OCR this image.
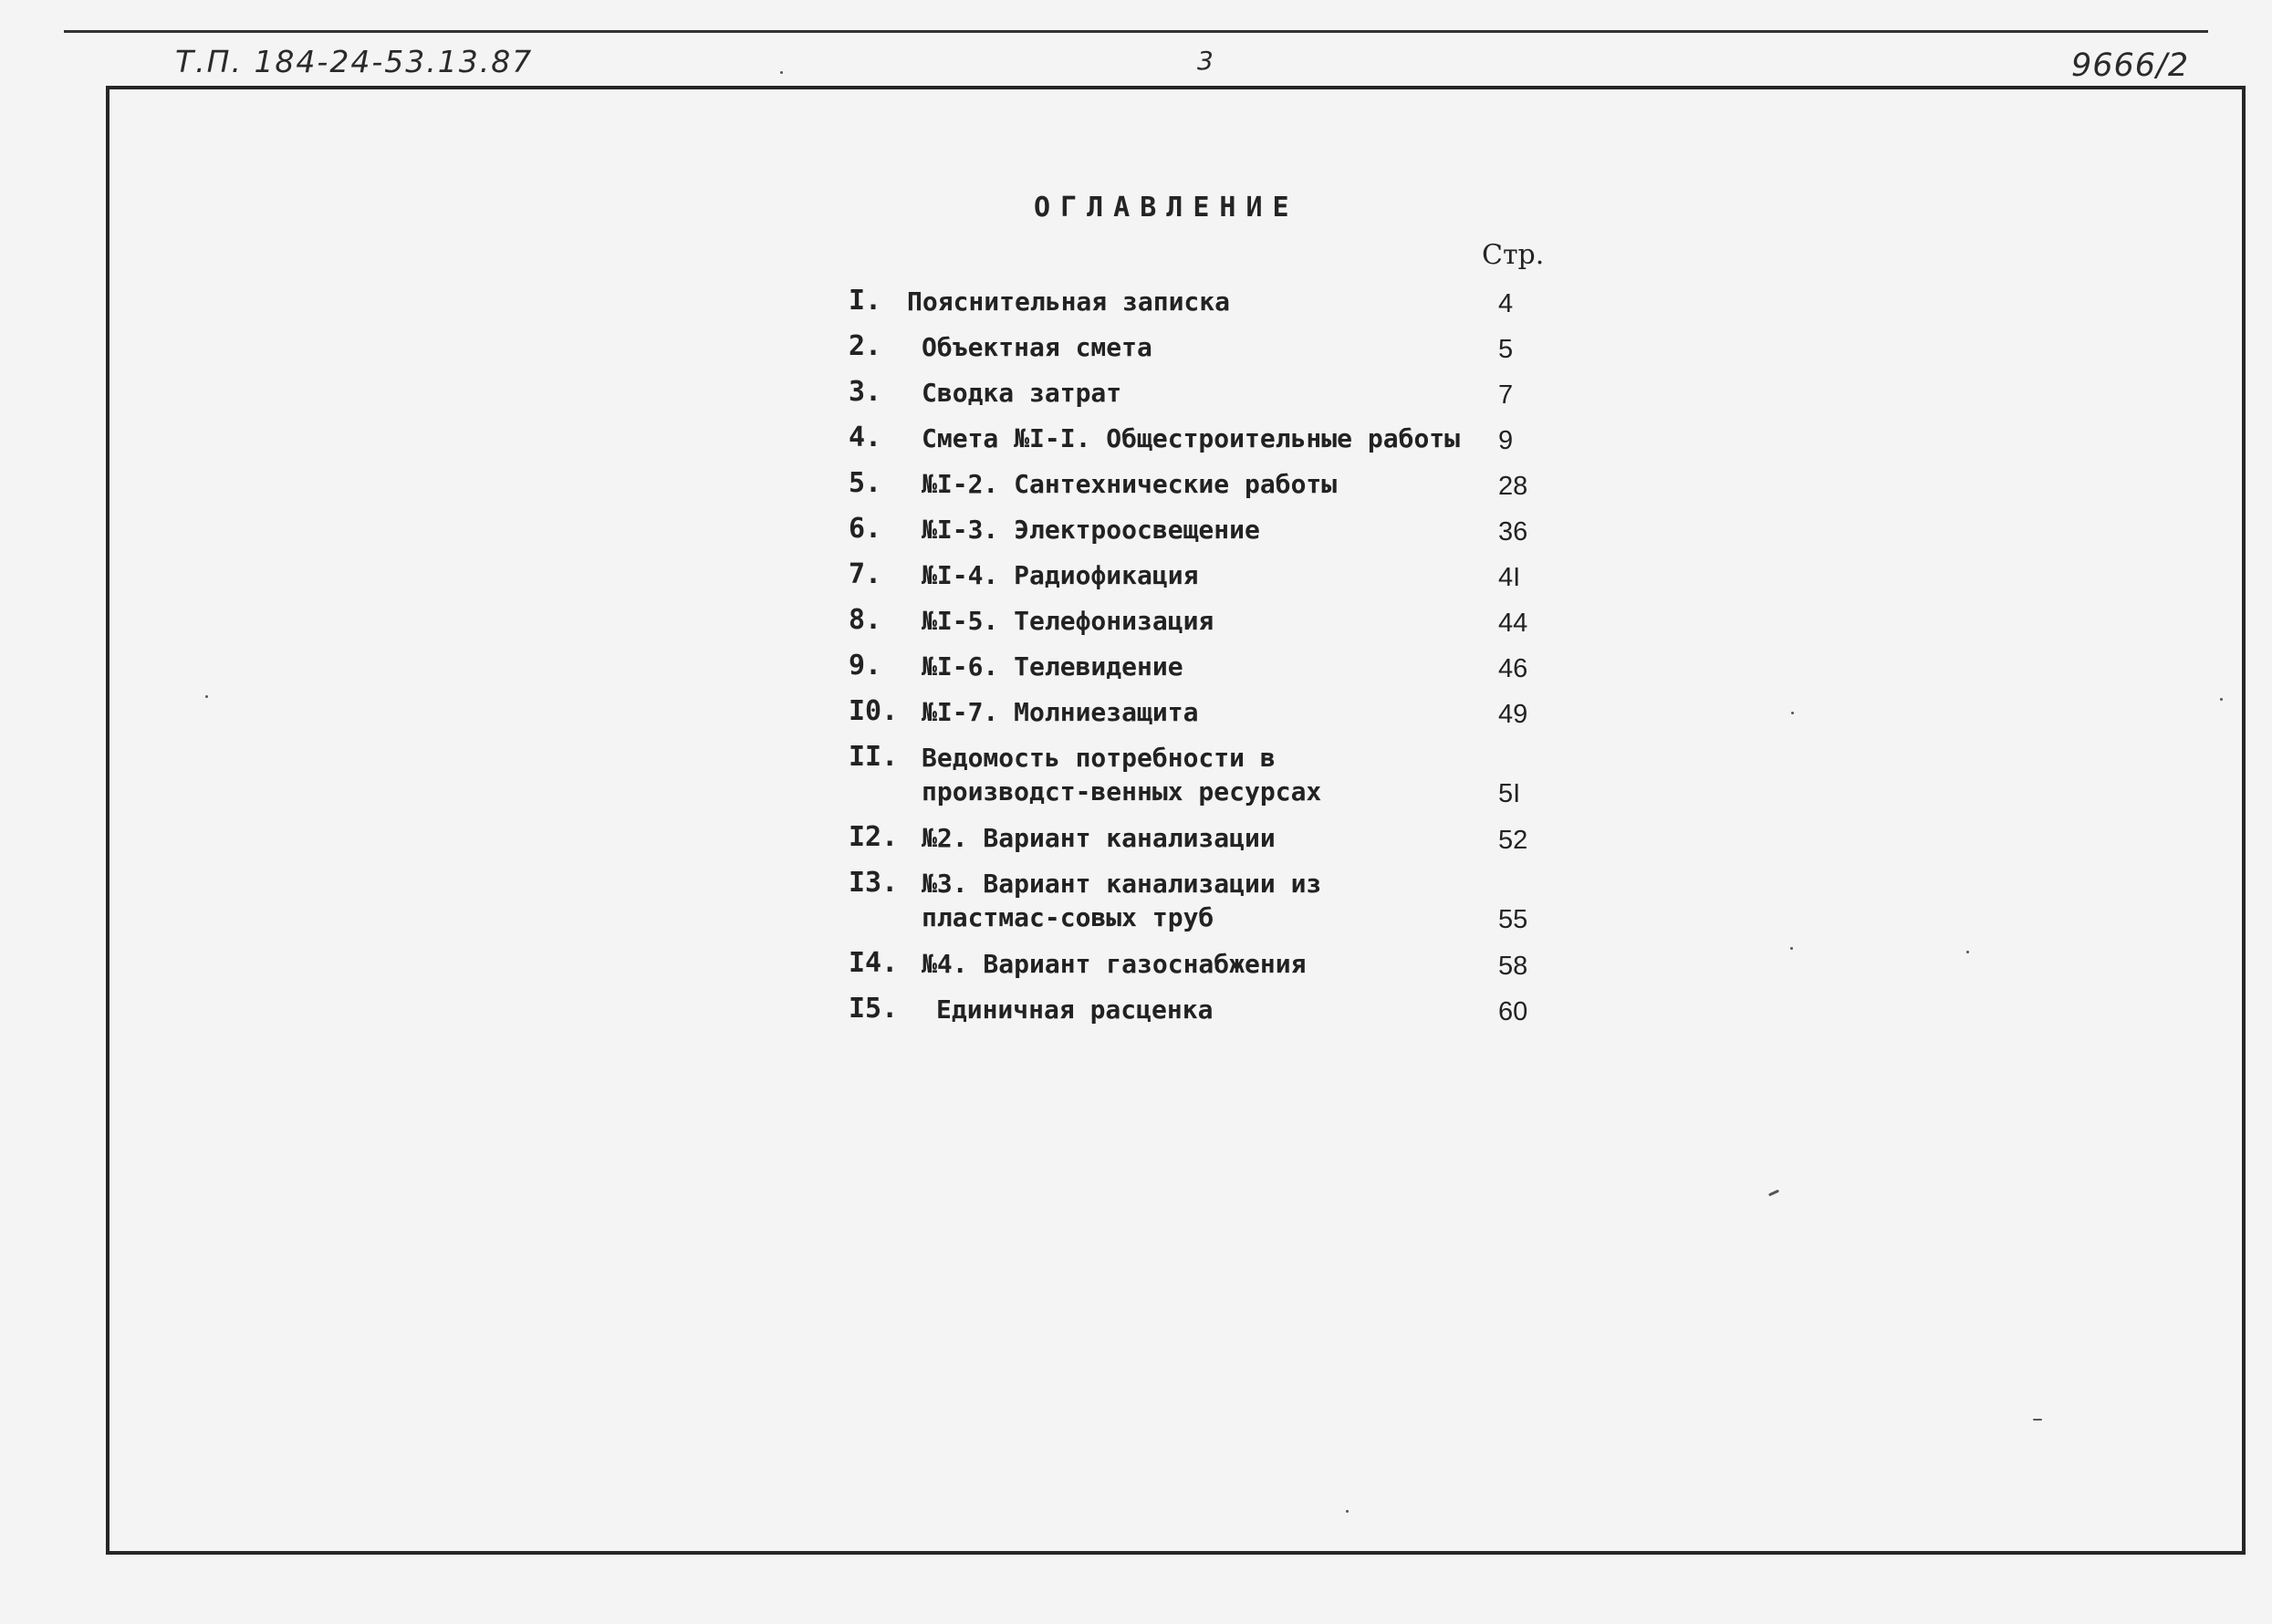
Т.П. 184-24-53.13.87	3	9666/2
ОГЛАВЛЕНИЕ
Стр.
I. Пояснительная записка	4
2. Объектная смета	5
3. Сводка затрат	7
4. Смета №I-I. Общестроительные работы	9
5. №I-2. Сантехнические работы	28
6. №I-3. Электроосвещение	36
7. №I-4. Радиофикация	4I
8. №I-5. Телефонизация	44
9. №I-6. Телевидение	46
I0. №I-7. Молниезащита	49
II. Ведомость потребности в производст-венных ресурсах	5I
I2. №2. Вариант канализации	52
I3. №3. Вариант канализации из пластмас-совых труб	55
I4. №4. Вариант газоснабжения	58
I5. Единичная расценка	60
